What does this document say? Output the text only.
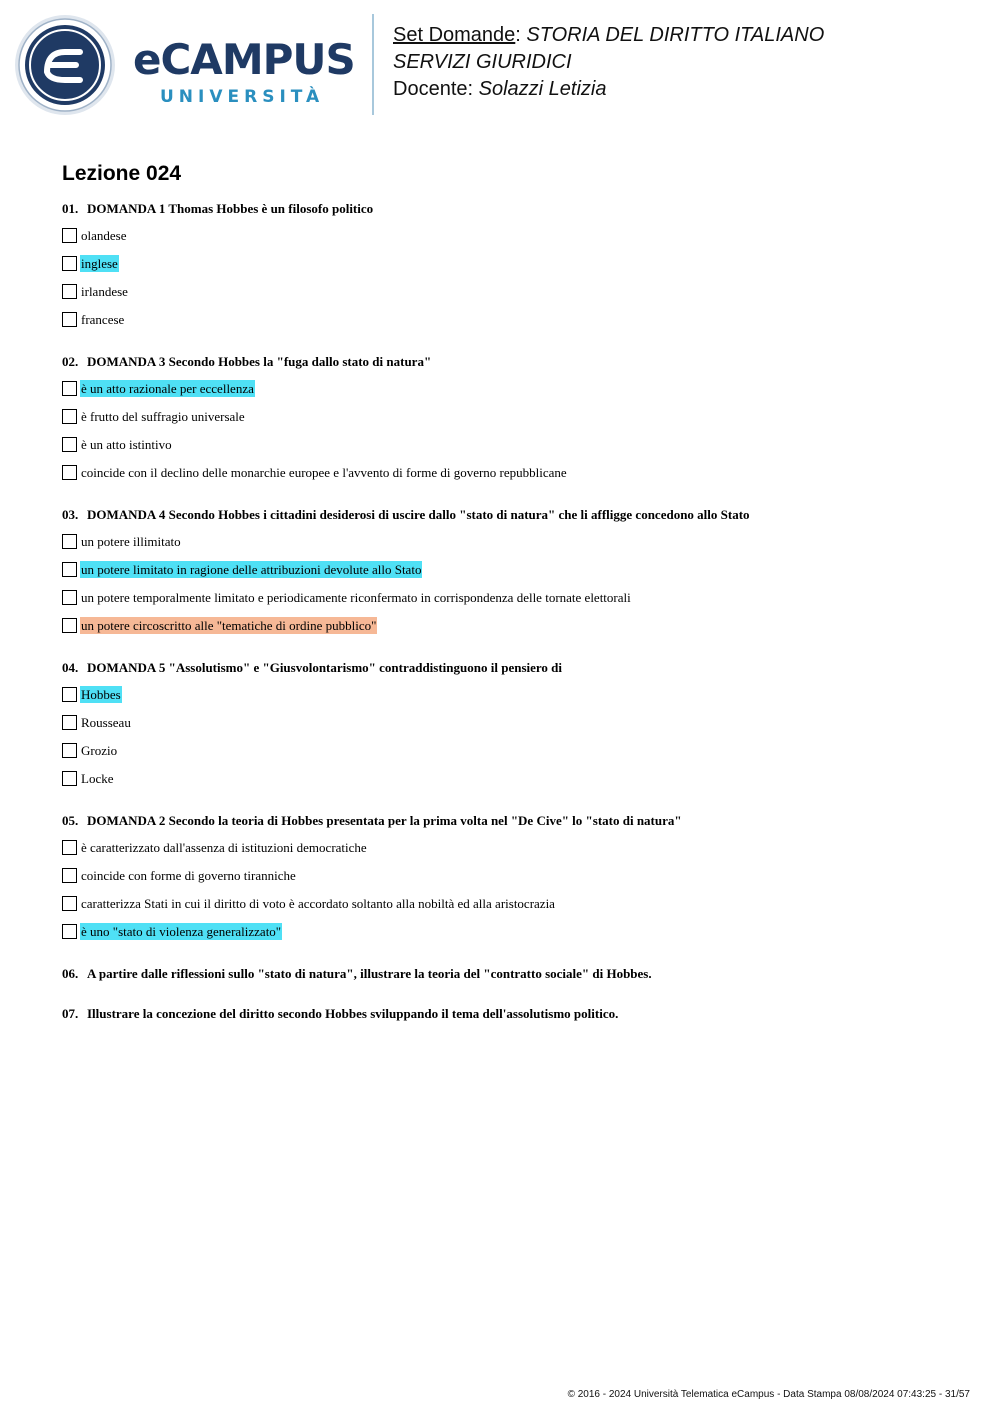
eCAMPUS
UNIVERSITÀ
Set Domande: STORIA DEL DIRITTO ITALIANO
SERVIZI GIURIDICI
Docente: Solazzi Letizia
Lezione 024
01. DOMANDA 1 Thomas Hobbes è un filosofo politico
olandese
inglese
irlandese
francese
02. DOMANDA 3 Secondo Hobbes la "fuga dallo stato di natura"
è un atto razionale per eccellenza
è frutto del suffragio universale
è un atto istintivo
coincide con il declino delle monarchie europee e l'avvento di forme di governo repubblicane
03. DOMANDA 4 Secondo Hobbes i cittadini desiderosi di uscire dallo "stato di natura" che li affligge concedono allo Stato
un potere illimitato
un potere limitato in ragione delle attribuzioni devolute allo Stato
un potere temporalmente limitato e periodicamente riconfermato in corrispondenza delle tornate elettorali
un potere circoscritto alle "tematiche di ordine pubblico"
04. DOMANDA 5 "Assolutismo" e "Giusvolontarismo" contraddistinguono il pensiero di
Hobbes
Rousseau
Grozio
Locke
05. DOMANDA 2 Secondo la teoria di Hobbes presentata per la prima volta nel "De Cive" lo "stato di natura"
è caratterizzato dall'assenza di istituzioni democratiche
coincide con forme di governo tiranniche
caratterizza Stati in cui il diritto di voto è accordato soltanto alla nobiltà ed alla aristocrazia
è uno "stato di violenza generalizzato"
06. A partire dalle riflessioni sullo "stato di natura", illustrare la teoria del "contratto sociale" di Hobbes.
07. Illustrare la concezione del diritto secondo Hobbes sviluppando il tema dell'assolutismo politico.
© 2016 - 2024 Università Telematica eCampus - Data Stampa 08/08/2024 07:43:25 - 31/57
